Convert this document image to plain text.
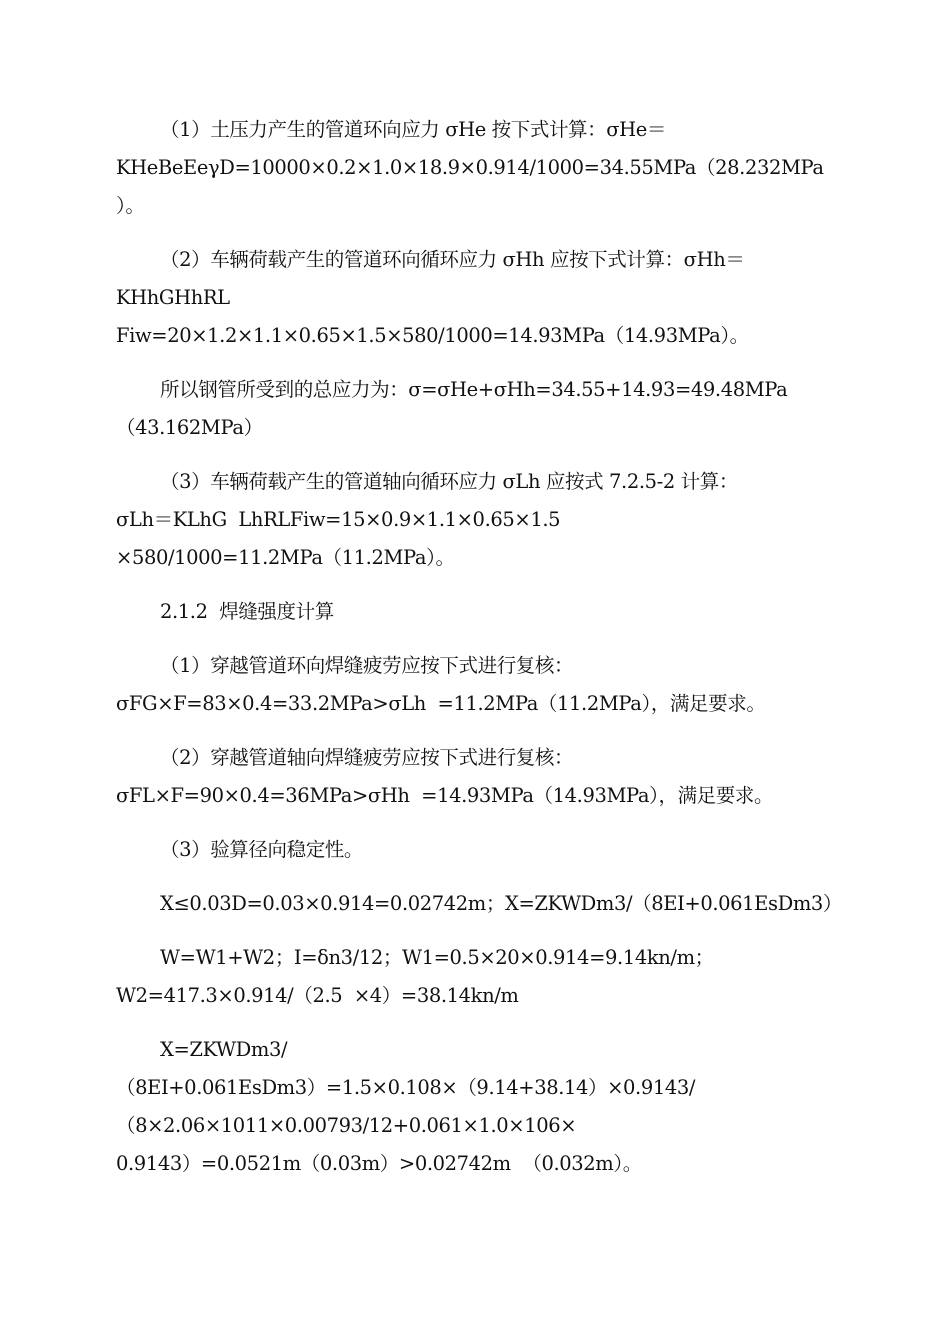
（1）土压力产生的管道环向应力 σHe 按下式计算：σHe＝
KHeBeEeγD=10000×0.2×1.0×18.9×0.914/1000=34.55MPa（28.232MPa
）。
（2）车辆荷载产生的管道环向循环应力 σHh 应按下式计算：σHh＝
KHhGHhRL
Fiw=20×1.2×1.1×0.65×1.5×580/1000=14.93MPa（14.93MPa）。
所以钢管所受到的总应力为：σ=σHe+σHh=34.55+14.93=49.48MPa
（43.162MPa）
（3）车辆荷载产生的管道轴向循环应力 σLh 应按式 7.2.5-2 计算：
σLh＝KLhG  LhRLFiw=15×0.9×1.1×0.65×1.5
×580/1000=11.2MPa（11.2MPa）。
2.1.2  焊缝强度计算
（1）穿越管道环向焊缝疲劳应按下式进行复核：
σFG×F=83×0.4=33.2MPa>σLh  =11.2MPa（11.2MPa），满足要求。
（2）穿越管道轴向焊缝疲劳应按下式进行复核：
σFL×F=90×0.4=36MPa>σHh  =14.93MPa（14.93MPa），满足要求。
（3）验算径向稳定性。
X≤0.03D=0.03×0.914=0.02742m；X=ZKWDm3/（8EI+0.061EsDm3）
W=W1+W2；I=δn3/12；W1=0.5×20×0.914=9.14kn/m；
W2=417.3×0.914/（2.5  ×4）=38.14kn/m
X=ZKWDm3/
（8EI+0.061EsDm3）=1.5×0.108×（9.14+38.14）×0.9143/
（8×2.06×1011×0.00793/12+0.061×1.0×106×
0.9143）=0.0521m（0.03m）>0.02742m  （0.032m）。
